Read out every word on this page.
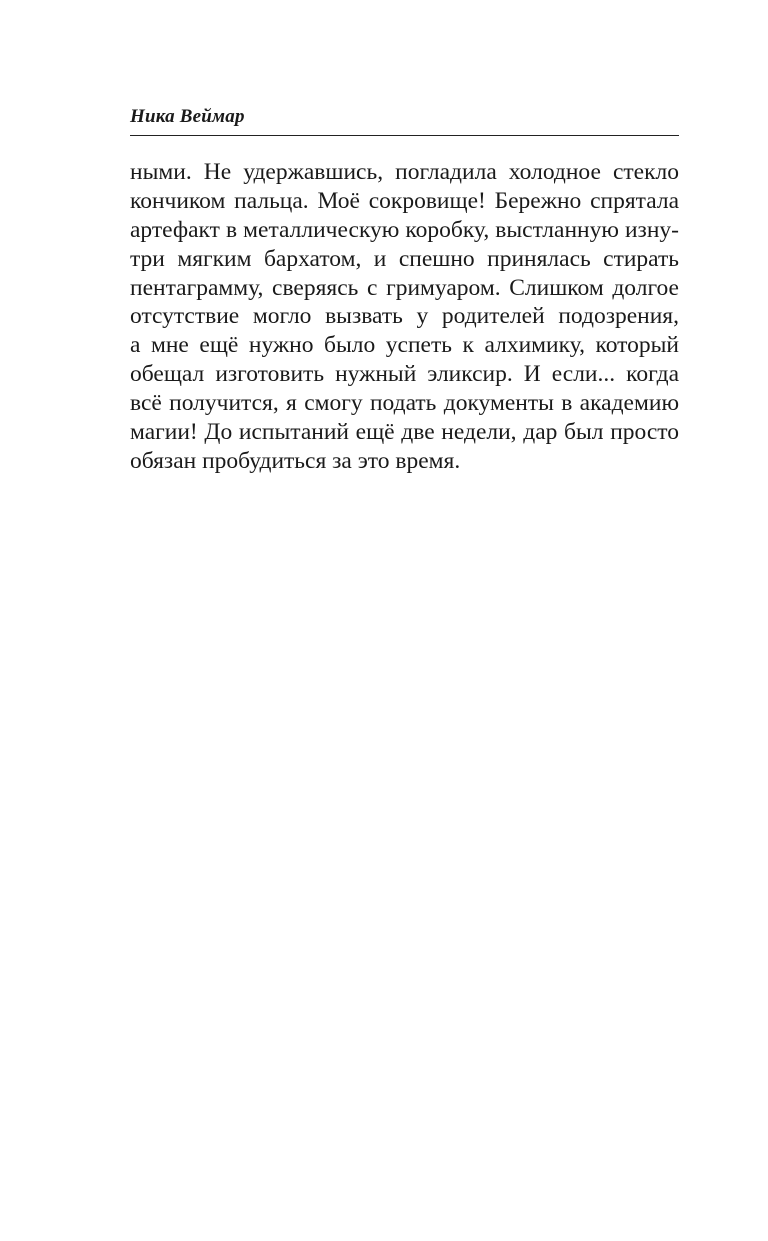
Ника Веймар
ными. Не удержавшись, погладила холодное стекло
кончиком пальца. Моё сокровище! Бережно спрятала
артефакт в металлическую коробку, выстланную изну-
три мягким бархатом, и спешно принялась стирать
пентаграмму, сверяясь с гримуаром. Слишком долгое
отсутствие могло вызвать у родителей подозрения,
а мне ещё нужно было успеть к алхимику, который
обещал изготовить нужный эликсир. И если... когда
всё получится, я смогу подать документы в академию
магии! До испытаний ещё две недели, дар был просто
обязан пробудиться за это время.
